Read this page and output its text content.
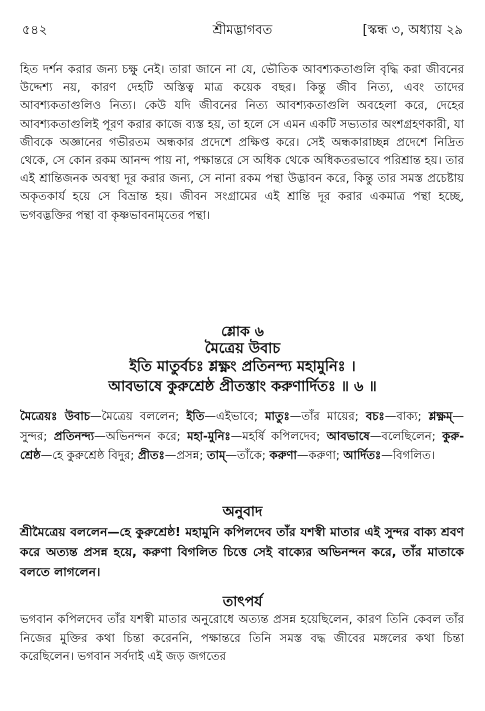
৫৪২	শ্রীমদ্ভাগবত	[স্কন্ধ ৩, অধ্যায় ২৯
হিত দর্শন করার জন্য চক্ষু নেই। তারা জানে না যে, ভৌতিক আবশ্যকতাগুলি বৃদ্ধি করা জীবনের উদ্দেশ্য নয়, কারণ দেহটি অস্তিত্ব মাত্র কয়েক বছর। কিন্তু জীব নিত্য, এবং তাদের আবশ্যকতাগুলিও নিত্য। কেউ যদি জীবনের নিত্য আবশ্যকতাগুলি অবহেলা করে, দেহের আবশ্যকতাগুলিই পূরণ করার কাজে ব্যস্ত হয়, তা হলে সে এমন একটি সভ্যতার অংশগ্রহণকারী, যা জীবকে অজ্ঞানের গভীরতম অন্ধকার প্রদেশে প্রক্ষিপ্ত করে। সেই অন্ধকারাচ্ছন্ন প্রদেশে নিদ্রিত থেকে, সে কোন রকম আনন্দ পায় না, পক্ষান্তরে সে অধিক থেকে অধিকতরভাবে পরিশ্রান্ত হয়। তার এই শ্রান্তিজনক অবস্থা দূর করার জন্য, সে নানা রকম পন্থা উদ্ভাবন করে, কিন্তু তার সমস্ত প্রচেষ্টায় অকৃতকার্য হয়ে সে বিভ্রান্ত হয়। জীবন সংগ্রামের এই শ্রান্তি দূর করার একমাত্র পন্থা হচ্ছে, ভগবদ্ভক্তির পন্থা বা কৃষ্ণভাবনামৃতের পন্থা।
শ্লোক ৬
মৈত্রেয় উবাচ
ইতি মাতুর্বচঃ শ্লক্ষ্ণং প্রতিনন্দ্য মহামুনিঃ ।
আবভাষে কুরুশ্রেষ্ঠ প্রীতস্তাং করুণার্দিতঃ ॥ ৬ ॥
মৈত্রেয়ঃ উবাচ—মৈত্রেয় বললেন; ইতি—এইভাবে; মাতুঃ—তাঁর মায়ের; বচঃ—বাক্য; শ্লক্ষ্ণম্—সুন্দর; প্রতিনন্দ্য—অভিনন্দন করে; মহা-মুনিঃ—মহর্ষি কপিলদেব; আবভাষে—বলেছিলেন; কুরু-শ্রেষ্ঠ—হে কুরুশ্রেষ্ঠ বিদুর; প্রীতঃ—প্রসন্ন; তাম্—তাঁকে; করুণা—করুণা; আর্দিতঃ—বিগলিত।
অনুবাদ
শ্রীমৈত্রেয় বললেন—হে কুরুশ্রেষ্ঠ! মহামুনি কপিলদেব তাঁর যশস্বী মাতার এই সুন্দর বাক্য শ্রবণ করে অত্যন্ত প্রসন্ন হয়ে, করুণা বিগলিত চিত্তে সেই বাক্যের অভিনন্দন করে, তাঁর মাতাকে বলতে লাগলেন।
তাৎপর্য
ভগবান কপিলদেব তাঁর যশস্বী মাতার অনুরোধে অত্যন্ত প্রসন্ন হয়েছিলেন, কারণ তিনি কেবল তাঁর নিজের মুক্তির কথা চিন্তা করেননি, পক্ষান্তরে তিনি সমস্ত বদ্ধ জীবের মঙ্গলের কথা চিন্তা করেছিলেন। ভগবান সর্বদাই এই জড় জগতের
